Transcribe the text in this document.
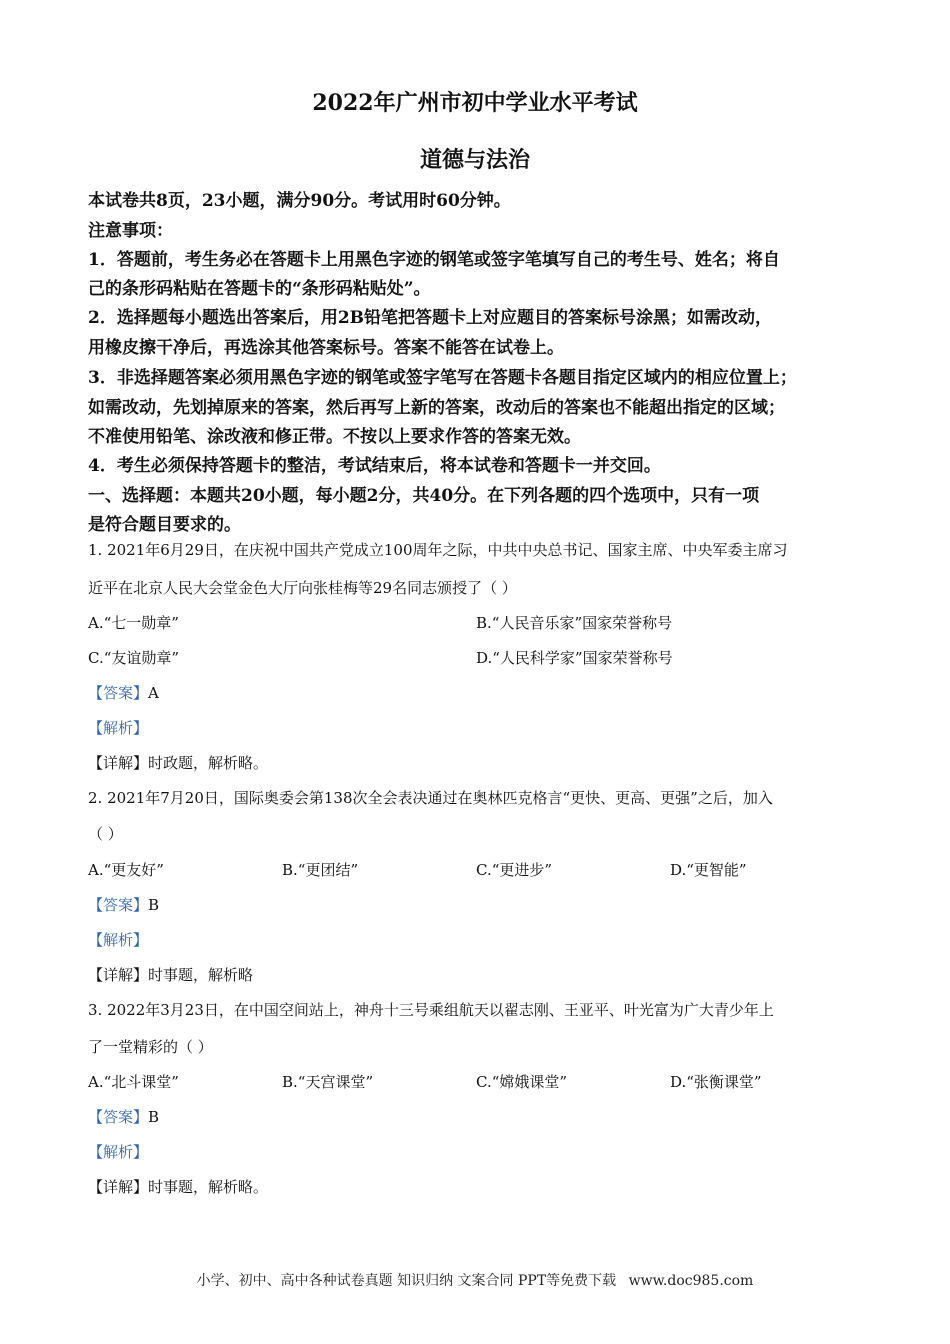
2022年广州市初中学业水平考试
道德与法治
本试卷共8页，23小题，满分90分。考试用时60分钟。
注意事项：
1．答题前，考生务必在答题卡上用黑色字迹的钢笔或签字笔填写自己的考生号、姓名；将自
己的条形码粘贴在答题卡的“条形码粘贴处”。
2．选择题每小题选出答案后，用2B铅笔把答题卡上对应题目的答案标号涂黑；如需改动，
用橡皮擦干净后，再选涂其他答案标号。答案不能答在试卷上。
3．非选择题答案必须用黑色字迹的钢笔或签字笔写在答题卡各题目指定区域内的相应位置上；
如需改动，先划掉原来的答案，然后再写上新的答案，改动后的答案也不能超出指定的区域；
不准使用铅笔、涂改液和修正带。不按以上要求作答的答案无效。
4．考生必须保持答题卡的整洁，考试结束后，将本试卷和答题卡一并交回。
一、选择题：本题共20小题，每小题2分，共40分。在下列各题的四个选项中，只有一项
是符合题目要求的。
1. 2021年6月29日，在庆祝中国共产党成立100周年之际，中共中央总书记、国家主席、中央军委主席习
近平在北京人民大会堂金色大厅向张桂梅等29名同志颁授了（ ）
A.“七一勋章”	B.“人民音乐家”国家荣誉称号
C.“友谊勋章”	D.“人民科学家”国家荣誉称号
【答案】A
【解析】
【详解】时政题，解析略。
2. 2021年7月20日，国际奥委会第138次全会表决通过在奥林匹克格言“更快、更高、更强”之后，加入
（ ）
A.“更友好”	B.“更团结”	C.“更进步”	D.“更智能”
【答案】B
【解析】
【详解】时事题，解析略
3. 2022年3月23日，在中国空间站上，神舟十三号乘组航天以翟志刚、王亚平、叶光富为广大青少年上
了一堂精彩的（ ）
A.“北斗课堂”	B.“天宫课堂”	C.“嫦娥课堂”	D.“张衡课堂”
【答案】B
【解析】
【详解】时事题，解析略。
小学、初中、高中各种试卷真题 知识归纳 文案合同 PPT等免费下载 www.doc985.com
